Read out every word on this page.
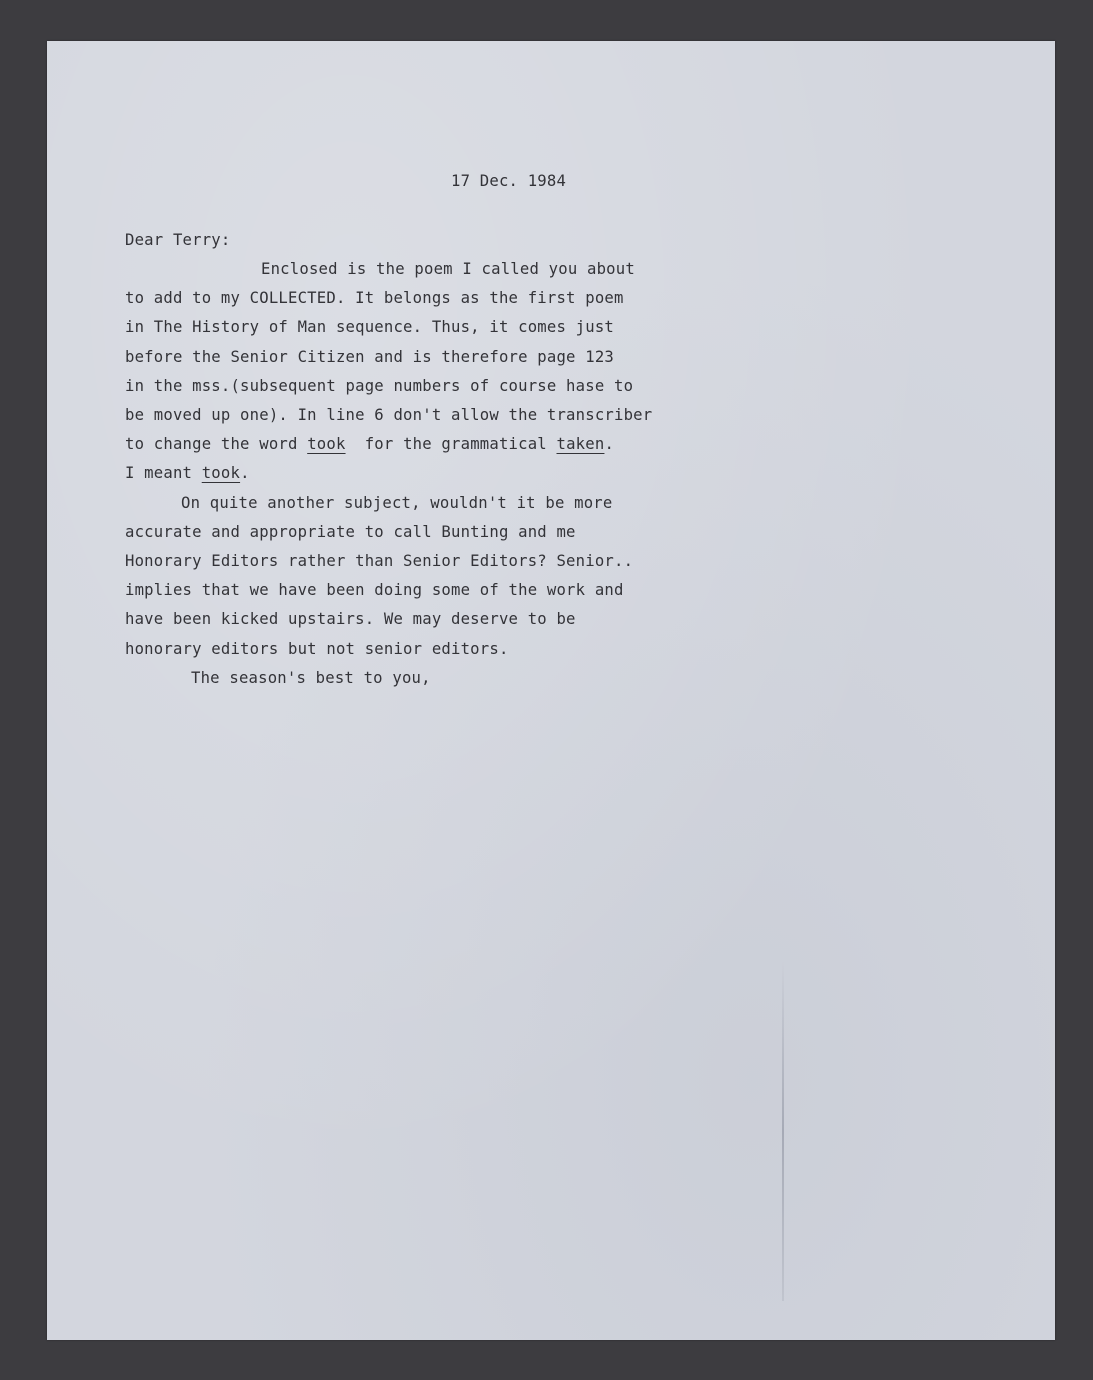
17 Dec. 1984
Dear Terry:
Enclosed is the poem I called you about
to add to my COLLECTED. It belongs as the first poem
in The History of Man sequence. Thus, it comes just
before the Senior Citizen and is therefore page 123
in the mss.(subsequent page numbers of course hase to
be moved up one). In line 6 don't allow the transcriber
to change the word took  for the grammatical taken.
I meant took.
On quite another subject, wouldn't it be more
accurate and appropriate to call Bunting and me
Honorary Editors rather than Senior Editors? Senior..
implies that we have been doing some of the work and
have been kicked upstairs. We may deserve to be
honorary editors but not senior editors.
The season's best to you,
